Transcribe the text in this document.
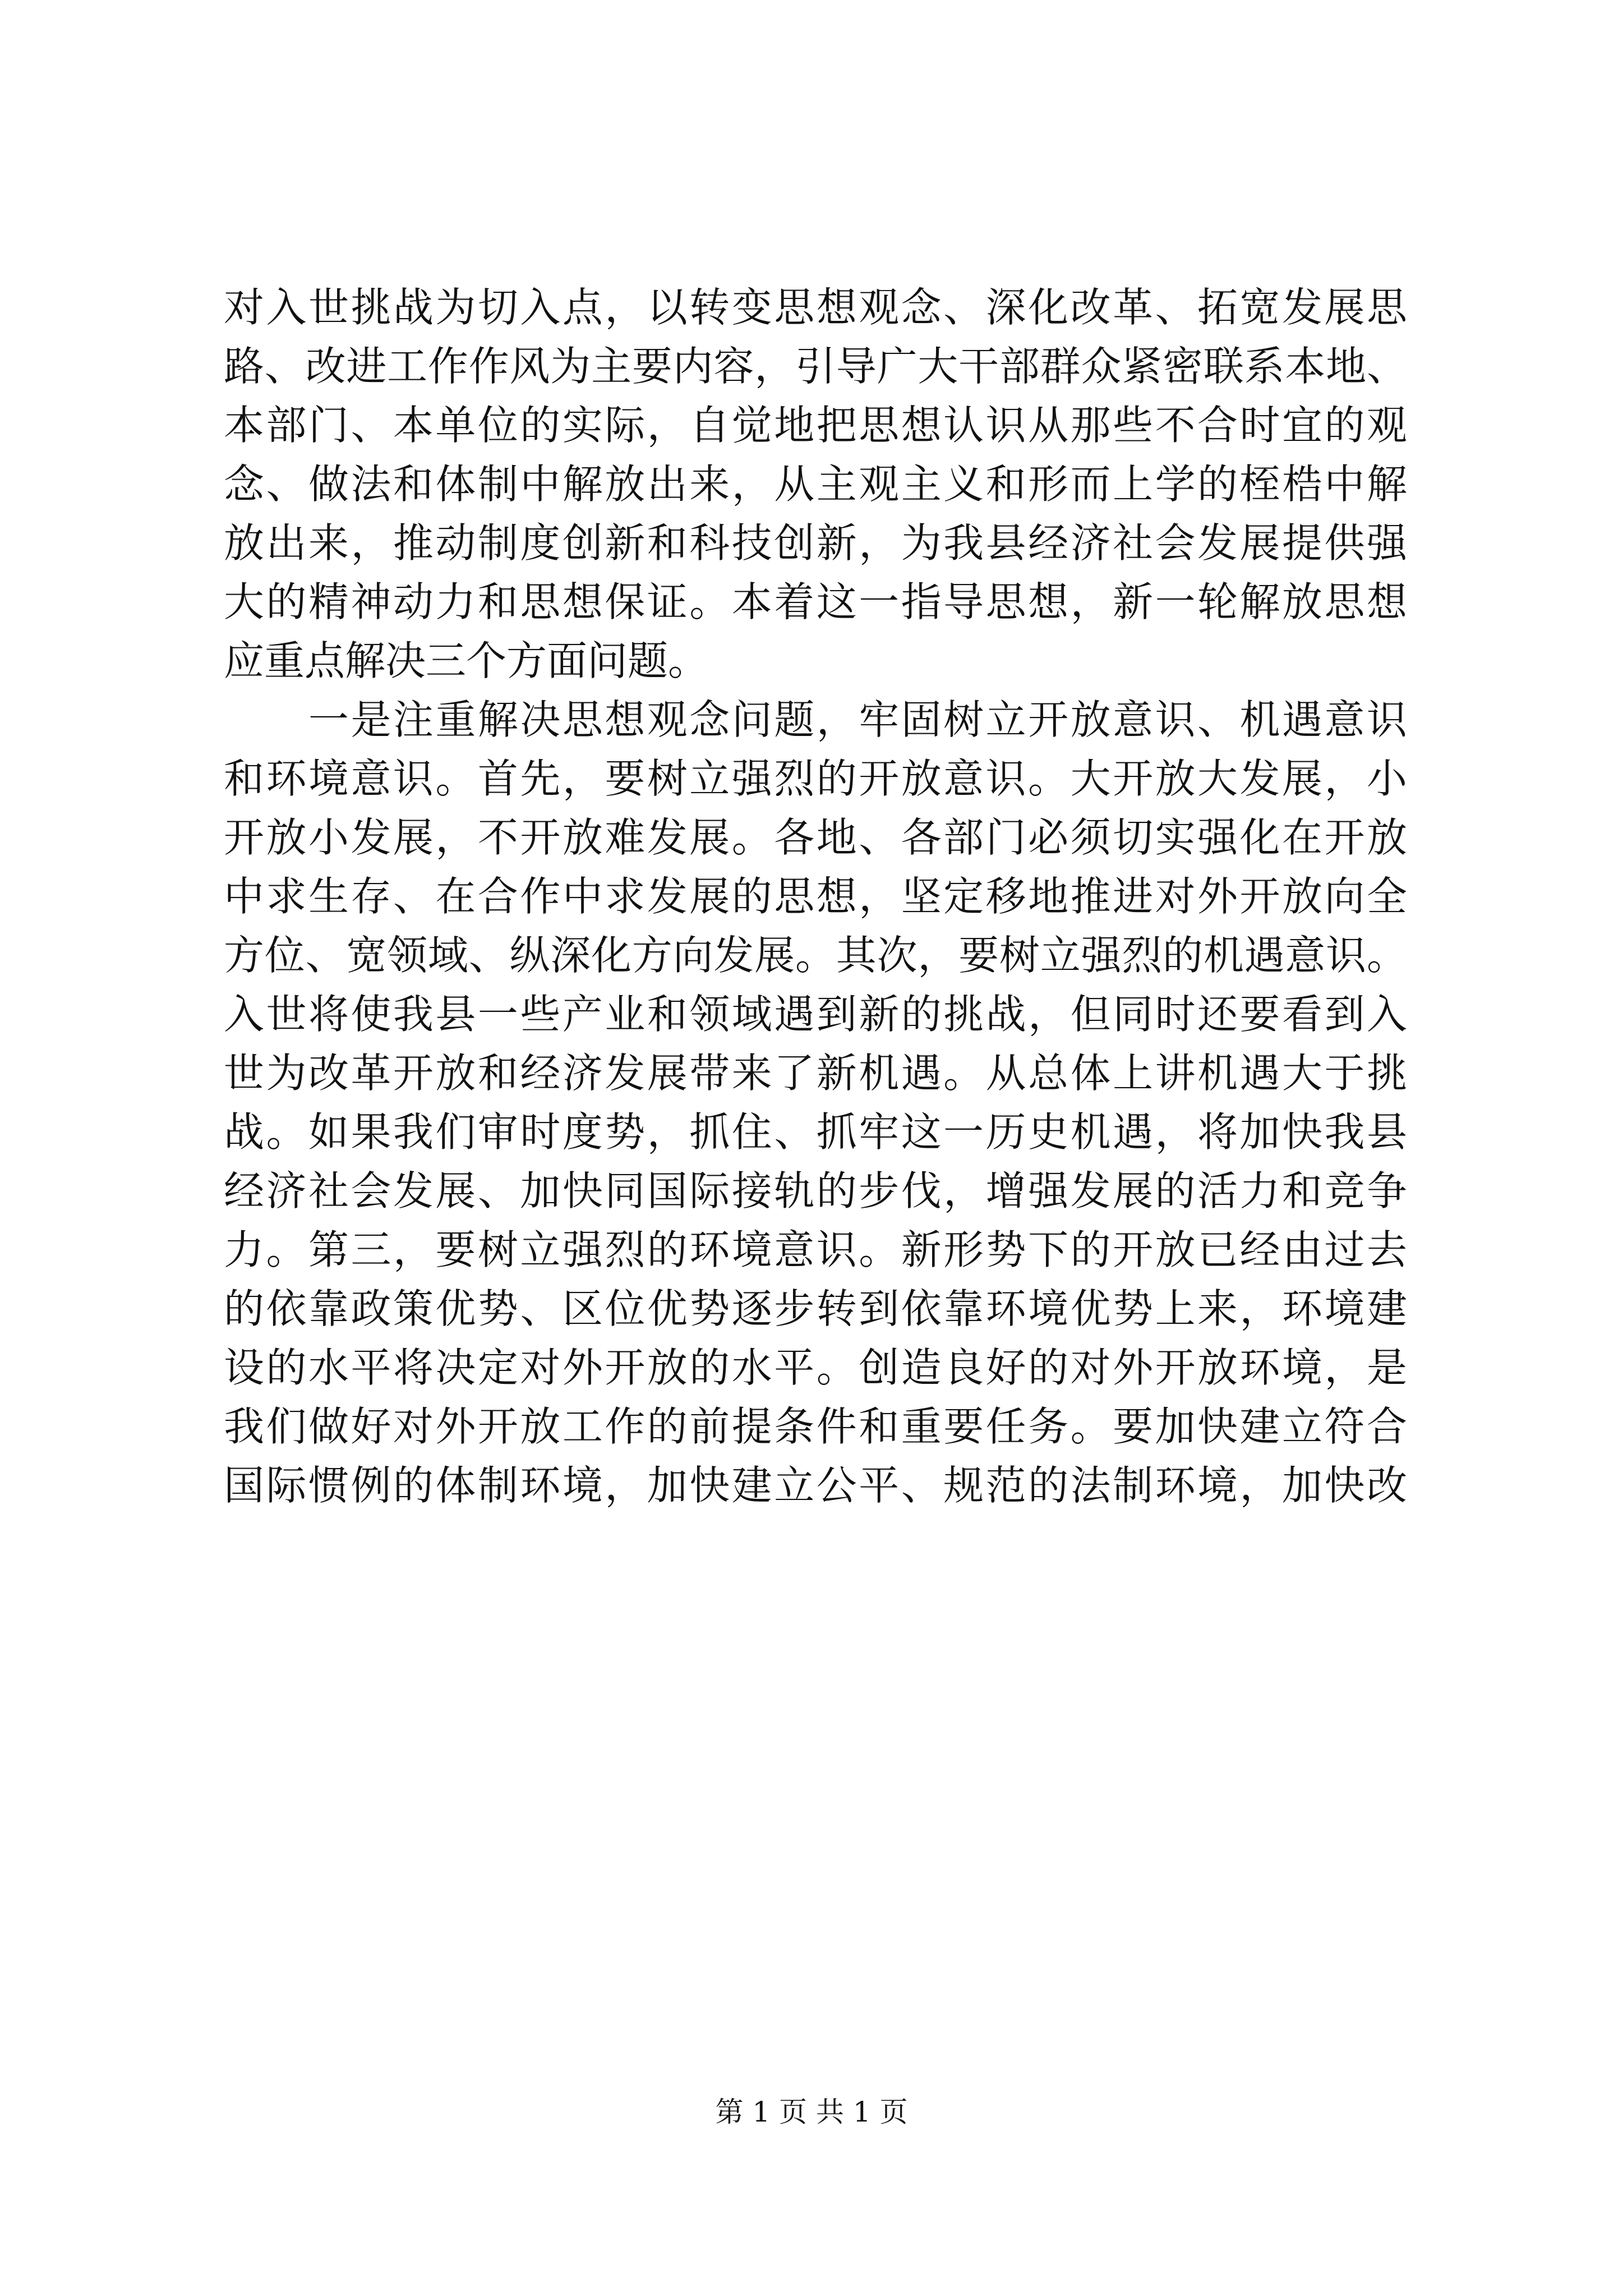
对入世挑战为切入点，以转变思想观念、深化改革、拓宽发展思
路、改进工作作风为主要内容，引导广大干部群众紧密联系本地、
本部门、本单位的实际，自觉地把思想认识从那些不合时宜的观
念、做法和体制中解放出来，从主观主义和形而上学的桎梏中解
放出来，推动制度创新和科技创新，为我县经济社会发展提供强
大的精神动力和思想保证。本着这一指导思想，新一轮解放思想
应重点解决三个方面问题。
　　一是注重解决思想观念问题，牢固树立开放意识、机遇意识
和环境意识。首先，要树立强烈的开放意识。大开放大发展，小
开放小发展，不开放难发展。各地、各部门必须切实强化在开放
中求生存、在合作中求发展的思想，坚定移地推进对外开放向全
方位、宽领域、纵深化方向发展。其次，要树立强烈的机遇意识。
入世将使我县一些产业和领域遇到新的挑战，但同时还要看到入
世为改革开放和经济发展带来了新机遇。从总体上讲机遇大于挑
战。如果我们审时度势，抓住、抓牢这一历史机遇，将加快我县
经济社会发展、加快同国际接轨的步伐，增强发展的活力和竞争
力。第三，要树立强烈的环境意识。新形势下的开放已经由过去
的依靠政策优势、区位优势逐步转到依靠环境优势上来，环境建
设的水平将决定对外开放的水平。创造良好的对外开放环境，是
我们做好对外开放工作的前提条件和重要任务。要加快建立符合
国际惯例的体制环境，加快建立公平、规范的法制环境，加快改
第 1 页 共 1 页
